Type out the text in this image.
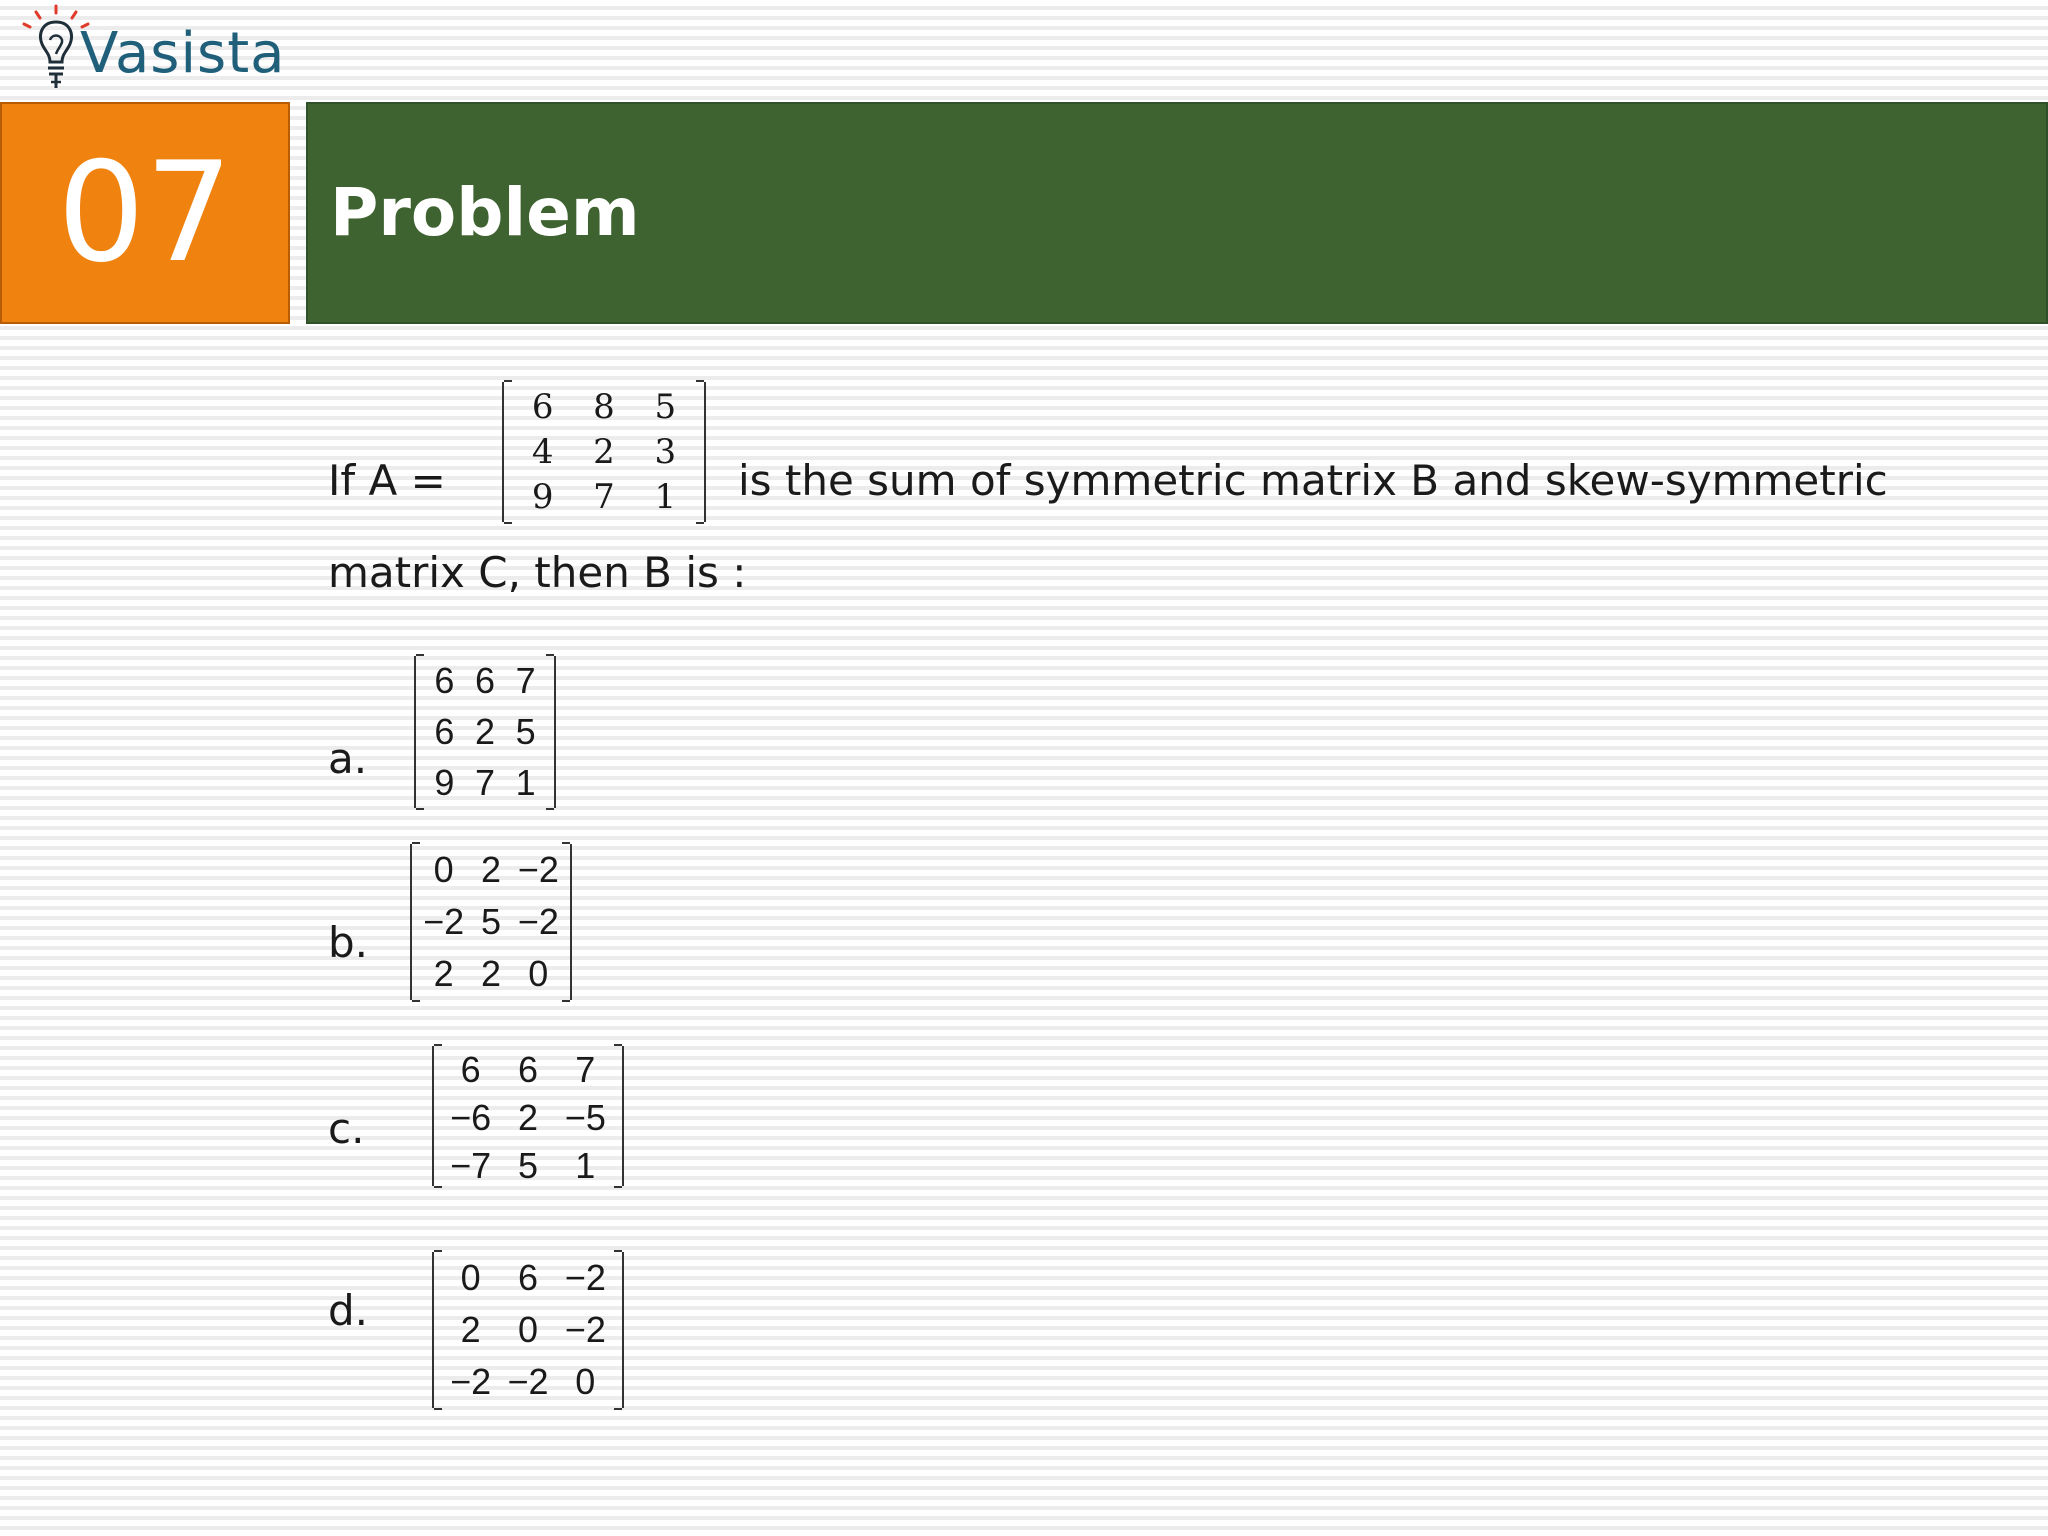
Vasista
07 Problem
If A =
6	8	5
4	2	3
9	7	1	is the sum of symmetric matrix B and skew-symmetric
matrix C, then B is :
a.
6 6 7
6 2 5
9 7 1
b.
0 2 −2
−2 5 −2
2 2 0
c.
6	6	7
−6 2 −5
−7 5	1
d.
0	6 −2
2	0 −2
−2 −2 0
